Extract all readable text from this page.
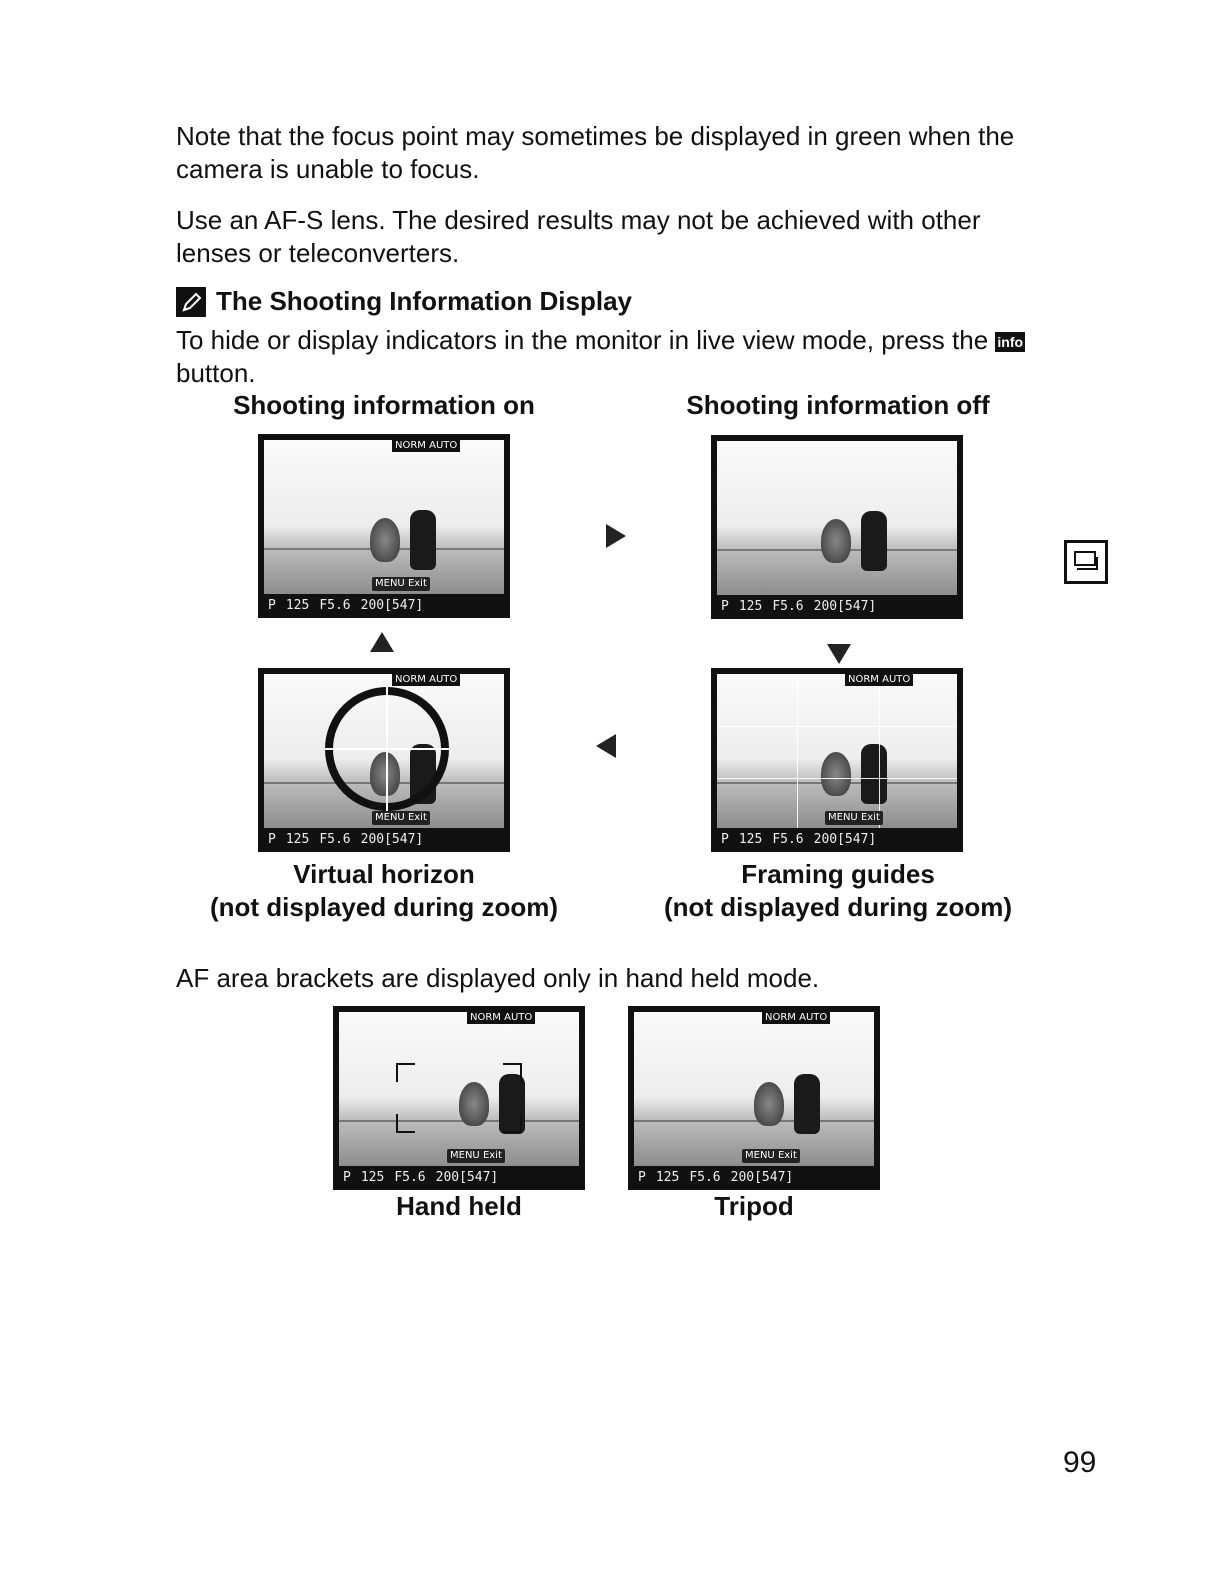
Note that the focus point may sometimes be displayed in green when the camera is unable to focus.

Use an AF-S lens. The desired results may not be achieved with other lenses or teleconverters.

The Shooting Information Display

To hide or display indicators in the monitor in live view mode, press the info
button.

Shooting information on	Shooting information off
NORM AUTO
MENU Exit
P 125 F5.6 200[547]	P 125 F5.6 200[547]
NORM AUTO
MENU Exit
P 125 F5.6 200[547]
NORM AUTO
MENU Exit
P 125 F5.6 200[547]
Virtual horizon
(not displayed during zoom)
Framing guides
(not displayed during zoom)

AF area brackets are displayed only in hand held mode.

NORM AUTO
MENU Exit
P 125 F5.6 200[547]
NORM AUTO
MENU Exit
P 125 F5.6 200[547]
Hand held	Tripod
99
